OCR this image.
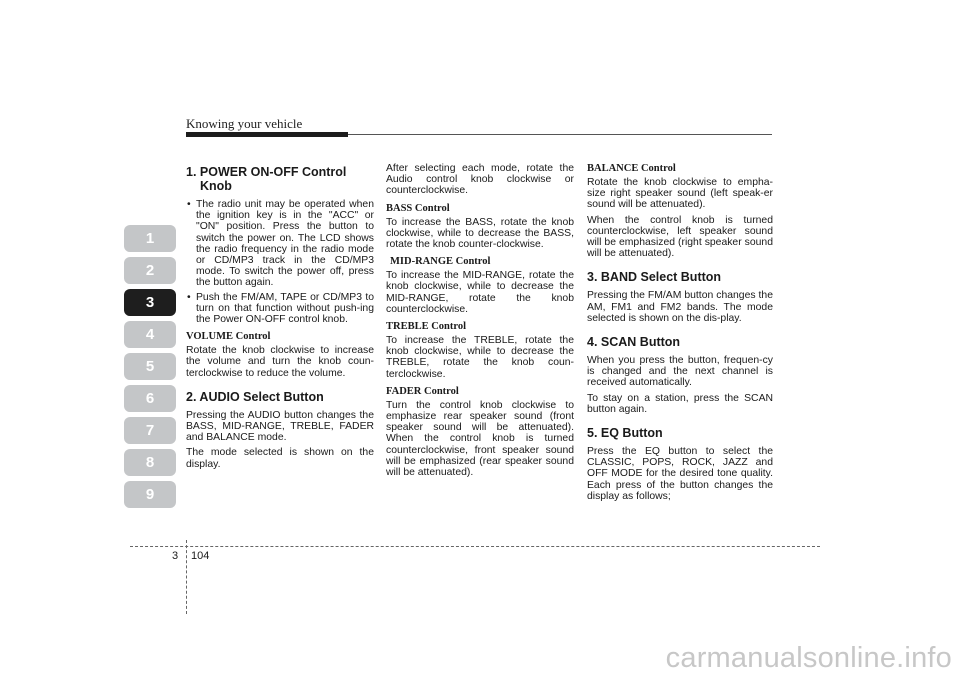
Knowing your vehicle
1
2
3
4
5
6
7
8
9
1. POWER ON-OFF Control
Knob
• The radio unit may be operated when the ignition key is in the "ACC" or "ON" position. Press the button to switch the power on. The LCD shows the radio frequency in the radio mode or CD/MP3 track in the CD/MP3 mode. To switch the power off, press the button again.
• Push the FM/AM, TAPE or CD/MP3 to turn on that function without push-ing the Power ON-OFF control knob.
VOLUME Control

Rotate the knob clockwise to increase the volume and turn the knob coun-terclockwise to reduce the volume.

2. AUDIO Select Button

Pressing the AUDIO button changes the BASS, MID-RANGE, TREBLE, FADER and BALANCE mode.

The mode selected is shown on the display.

After selecting each mode, rotate the Audio control knob clockwise or counterclockwise.

BASS Control

To increase the BASS, rotate the knob clockwise, while to decrease the BASS, rotate the knob counter-clockwise.

MID-RANGE Control

To increase the MID-RANGE, rotate the knob clockwise, while to decrease the MID-RANGE, rotate the knob counterclockwise.

TREBLE Control

To increase the TREBLE, rotate the knob clockwise, while to decrease the TREBLE, rotate the knob coun-terclockwise.

FADER Control

Turn the control knob clockwise to emphasize rear speaker sound (front speaker sound will be attenuated). When the control knob is turned counterclockwise, front speaker sound will be emphasized (rear speaker sound will be attenuated).

BALANCE Control

Rotate the knob clockwise to empha-size right speaker sound (left speak-er sound will be attenuated).

When the control knob is turned counterclockwise, left speaker sound will be emphasized (right speaker sound will be attenuated).

3. BAND Select Button

Pressing the FM/AM button changes the AM, FM1 and FM2 bands. The mode selected is shown on the dis-play.

4. SCAN Button

When you press the button, frequen-cy is changed and the next channel is received automatically.

To stay on a station, press the SCAN button again.

5. EQ Button

Press the EQ button to select the CLASSIC, POPS, ROCK, JAZZ and OFF MODE for the desired tone quality. Each press of the button changes the display as follows;

3 104
carmanualsonline.info
